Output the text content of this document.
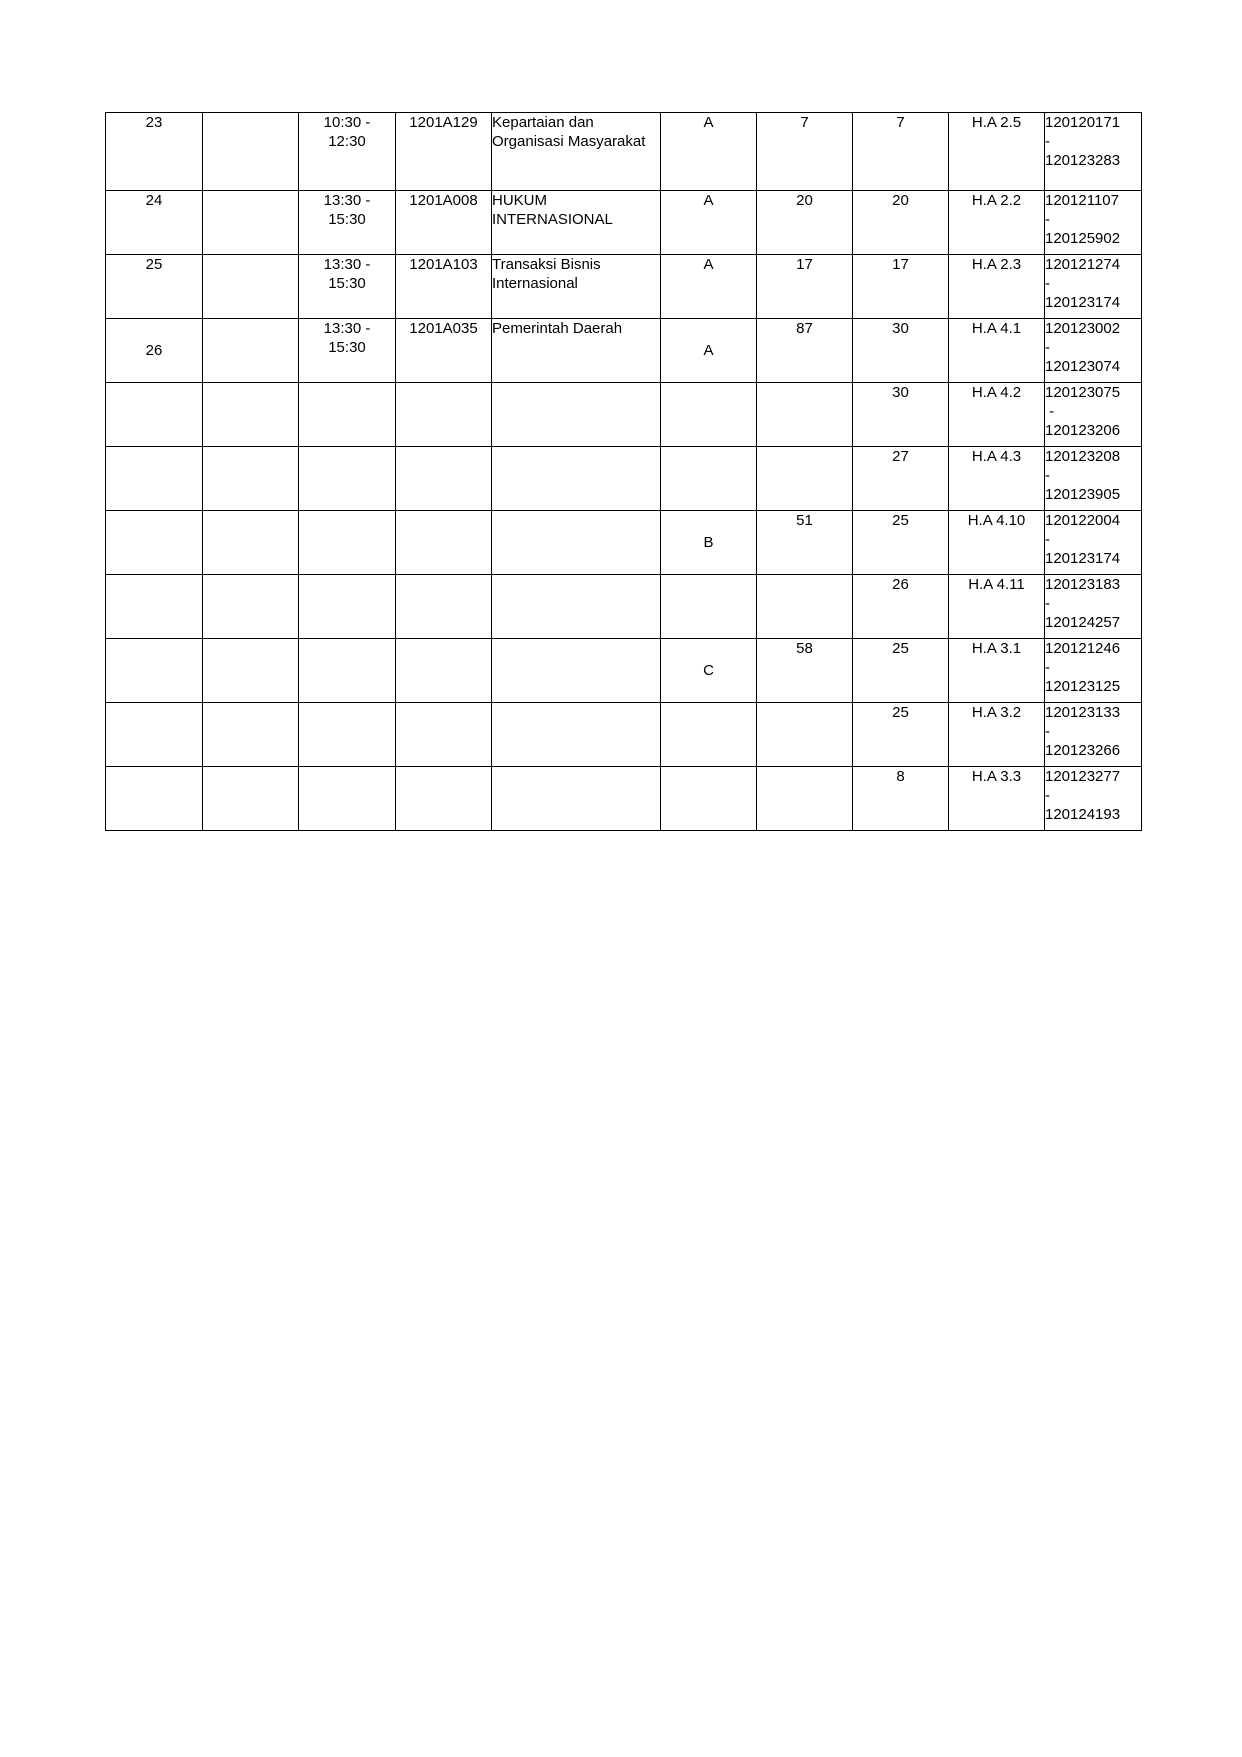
23		10:30 -
12:30	1201A129	Kepartaian dan Organisasi Masyarakat	A	7	7	H.A 2.5	120120171
-
120123283

24		13:30 -
15:30	1201A008	HUKUM INTERNASIONAL	A	20	20	H.A 2.2	120121107
-
120125902

25		13:30 -
15:30	1201A103	Transaksi Bisnis Internasional	A	17	17	H.A 2.3	120121274
-
120123174

26		13:30 -
15:30	1201A035	Pemerintah Daerah	A	87	30	H.A 4.1	120123002
-
120123074

							30	H.A 4.2	120123075
-
120123206

							27	H.A 4.3	120123208
-
120123905

					B	51	25	H.A 4.10	120122004
-
120123174

							26	H.A 4.11	120123183
-
120124257

					C	58	25	H.A 3.1	120121246
-
120123125

							25	H.A 3.2	120123133
-
120123266

							8	H.A 3.3	120123277
-
120124193
